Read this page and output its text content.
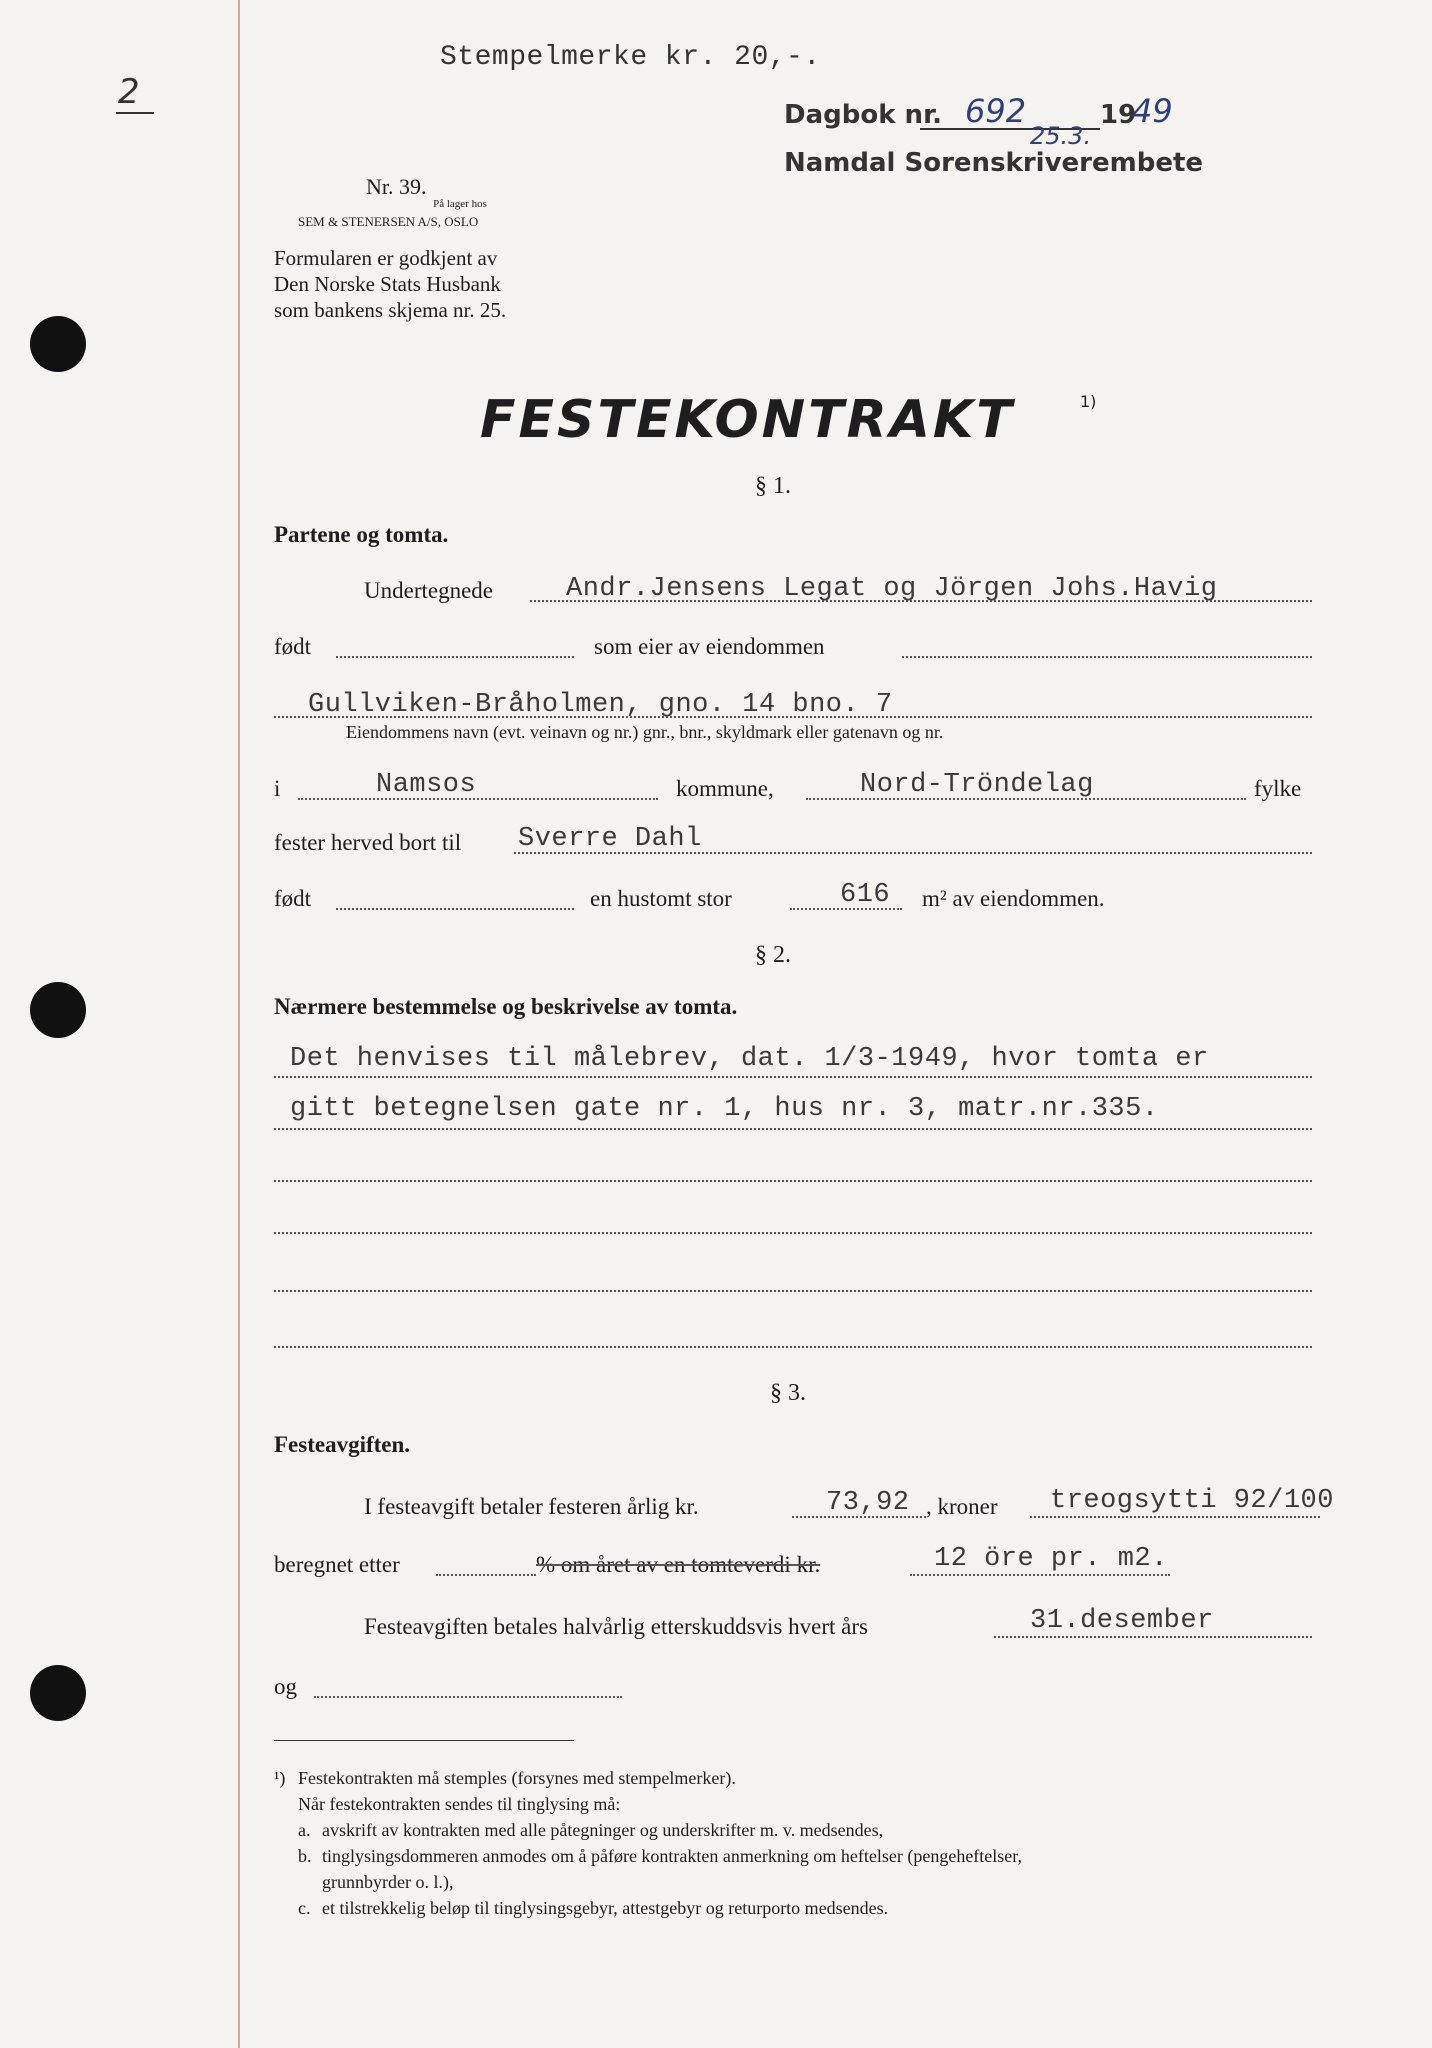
2
Stempelmerke kr. 20,-.
Dagbok nr. 692
25.3.
19
49
Namdal Sorenskriverembete
Nr. 39.
På lager hos
SEM & STENERSEN A/S, OSLO
Formularen er godkjent av
Den Norske Stats Husbank
som bankens skjema nr. 25.
FESTEKONTRAKT	1)
§ 1.
Partene og tomta.
Undertegnede	Andr.Jensens Legat og Jörgen Johs.Havig
født	som eier av eiendommen
Gullviken-Bråholmen, gno. 14 bno. 7
Eiendommens navn (evt. veinavn og nr.) gnr., bnr., skyldmark eller gatenavn og nr.
i	Namsos	kommune,	Nord-Tröndelag	fylke
fester herved bort til Sverre Dahl
født	en hustomt stor	616 m² av eiendommen.
§ 2.
Nærmere bestemmelse og beskrivelse av tomta.
Det henvises til målebrev, dat. 1/3-1949, hvor tomta er
gitt betegnelsen gate nr. 1, hus nr. 3, matr.nr.335.
§ 3.
Festeavgiften.
I festeavgift betaler festeren årlig kr.	73,92 , kroner treogsytti 92/100
beregnet etter	% om året av en tomteverdi kr.	12 öre pr. m2.
Festeavgiften betales halvårlig etterskuddsvis hvert års	31.desember
og
¹) Festekontrakten må stemples (forsynes med stempelmerker).
Når festekontrakten sendes til tinglysing må:
a. avskrift av kontrakten med alle påtegninger og underskrifter m. v. medsendes,
b. tinglysingsdommeren anmodes om å påføre kontrakten anmerkning om heftelser (pengeheftelser,
grunnbyrder o. l.),
c. et tilstrekkelig beløp til tinglysingsgebyr, attestgebyr og returporto medsendes.
